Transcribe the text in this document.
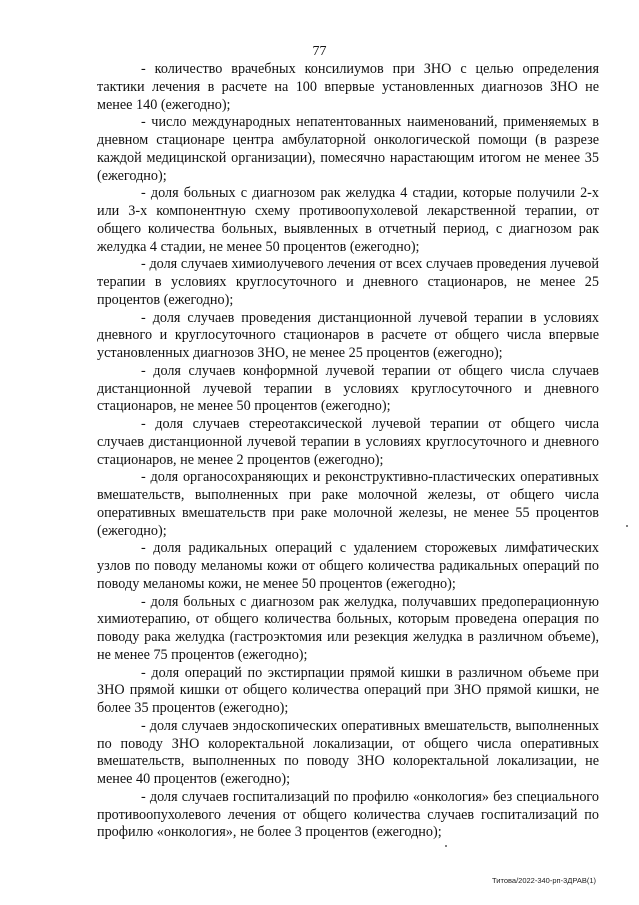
77

- количество врачебных консилиумов при ЗНО с целью определения тактики лечения в расчете на 100 впервые установленных диагнозов ЗНО не менее 140 (ежегодно);

- число международных непатентованных наименований, применяемых в дневном стационаре центра амбулаторной онкологической помощи (в разрезе каждой медицинской организации), помесячно нарастающим итогом не менее 35 (ежегодно);

- доля больных с диагнозом рак желудка 4 стадии, которые получили 2-х или 3-х компонентную схему противоопухолевой лекарственной терапии, от общего количества больных, выявленных в отчетный период, с диагнозом рак желудка 4 стадии, не менее 50 процентов (ежегодно);

- доля случаев химиолучевого лечения от всех случаев проведения лучевой терапии в условиях круглосуточного и дневного стационаров, не менее 25 процентов (ежегодно);

- доля случаев проведения дистанционной лучевой терапии в условиях дневного и круглосуточного стационаров в расчете от общего числа впервые установленных диагнозов ЗНО, не менее 25 процентов (ежегодно);

- доля случаев конформной лучевой терапии от общего числа случаев дистанционной лучевой терапии в условиях круглосуточного и дневного стационаров, не менее 50 процентов (ежегодно);

- доля случаев стереотаксической лучевой терапии от общего числа случаев дистанционной лучевой терапии в условиях круглосуточного и дневного стационаров, не менее 2 процентов (ежегодно);

- доля органосохраняющих и реконструктивно-пластических оперативных вмешательств, выполненных при раке молочной железы, от общего числа оперативных вмешательств при раке молочной железы, не менее 55 процентов (ежегодно);

- доля радикальных операций с удалением сторожевых лимфатических узлов по поводу меланомы кожи от общего количества радикальных операций по поводу меланомы кожи, не менее 50 процентов (ежегодно);

- доля больных с диагнозом рак желудка, получавших предоперационную химиотерапию, от общего количества больных, которым проведена операция по поводу рака желудка (гастроэктомия или резекция желудка в различном объеме), не менее 75 процентов (ежегодно);

- доля операций по экстирпации прямой кишки в различном объеме при ЗНО прямой кишки от общего количества операций при ЗНО прямой кишки, не более 35 процентов (ежегодно);

- доля случаев эндоскопических оперативных вмешательств, выполненных по поводу ЗНО колоректальной локализации, от общего числа оперативных вмешательств, выполненных по поводу ЗНО колоректальной локализации, не менее 40 процентов (ежегодно);

- доля случаев госпитализаций по профилю «онкология» без специального противоопухолевого лечения от общего количества случаев госпитализаций по профилю «онкология», не более 3 процентов (ежегодно);

Титова/2022-340-рп-3ДРАВ(1)
